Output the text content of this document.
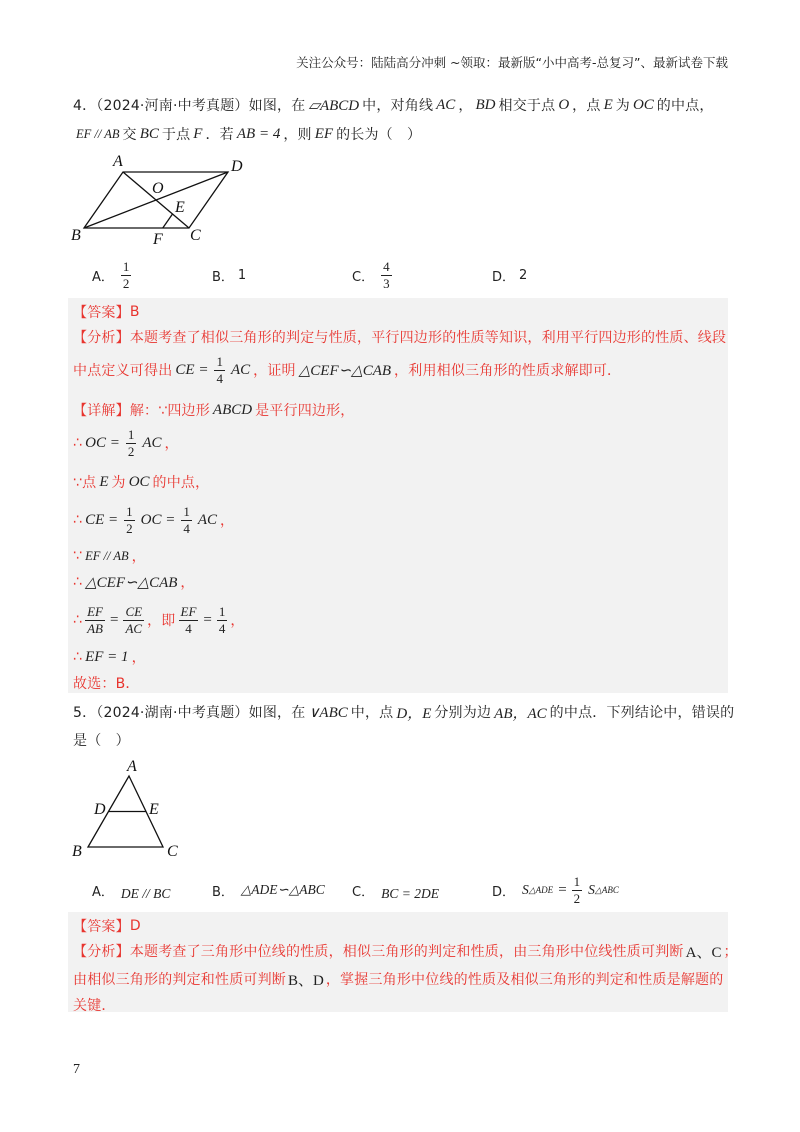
关注公众号：陆陆高分冲刺 ~领取：最新版“小中高考-总复习”、最新试卷下载
4．（2024·河南·中考真题）如图，在 ▱ABCD 中，对角线 AC ， BD 相交于点 O ，点 E 为 OC 的中点，
EF // AB 交 BC 于点 F ．若 AB = 4 ，则 EF 的长为（　）
A	D
O
E
B	F C
A． $\frac{1}{2}$	B． 1	C． $\frac{4}{3}$	D． 2
【答案】 B
【分析】 本题考查了相似三角形的判定与性质，平行四边形的性质等知识，利用平行四边形的性质、线段
中点定义可得出 CE = $\frac{1}{4}$ AC ，证明 △CEF∽△CAB ，利用相似三角形的性质求解即可．
【详解】 解：∵四边形 ABCD 是平行四边形，
∴ OC = $\frac{1}{2}$ AC ，
∵点 E 为 OC 的中点，
∴ CE = $\frac{1}{2}$ OC = $\frac{1}{4}$ AC ，
∵ EF // AB ，
∴ △CEF∽△CAB ，
∴ $\frac{EF}{AB} = \frac{CE}{AC}$ ，即 $\frac{EF}{4} = \frac{1}{4}$ ，
∴ EF = 1 ，
故选：B．
5．（2024·湖南·中考真题）如图，在 ∨ABC 中，点 D，E 分别为边 AB，AC 的中点．下列结论中，错误的
是（　）
A
D	E
B	C
A． DE // BC	B． △ADE∽△ABC C． BC = 2DE	D． S △ADE = $\frac{1}{2}$ S △ABC
【答案】 D
【分析】 本题考查了三角形中位线的性质，相似三角形的判定和性质，由三角形中位线性质可判断 A、C ；
由相似三角形的判定和性质可判断 B、D ，掌握三角形中位线的性质及相似三角形的判定和性质是解题的
关键．
7
